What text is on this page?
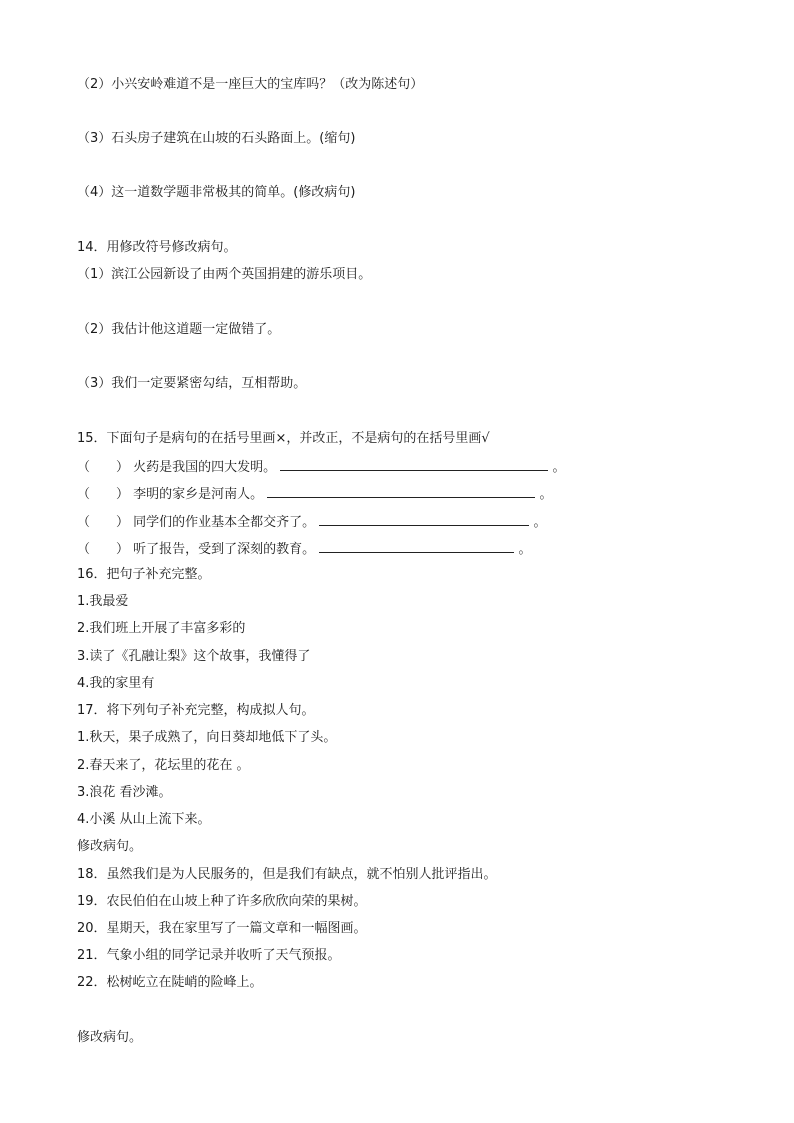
（2）小兴安岭难道不是一座巨大的宝库吗？（改为陈述句）
（3）石头房子建筑在山坡的石头路面上。(缩句)
（4）这一道数学题非常极其的简单。(修改病句)
14．用修改符号修改病句。
（1）滨江公园新设了由两个英国捐建的游乐项目。
（2）我估计他这道题一定做错了。
（3）我们一定要紧密勾结，互相帮助。
15．下面句子是病句的在括号里画×，并改正，不是病句的在括号里画√
（　　） 火药是我国的四大发明。	。
（　　） 李明的家乡是河南人。	。
（　　） 同学们的作业基本全都交齐了。	。
（　　） 听了报告，受到了深刻的教育。	。
16．把句子补充完整。
1.我最爱
2.我们班上开展了丰富多彩的
3.读了《孔融让梨》这个故事，我懂得了
4.我的家里有
17．将下列句子补充完整，构成拟人句。
1.秋天，果子成熟了，向日葵却地低下了头。
2.春天来了，花坛里的花在 。
3.浪花 看沙滩。
4.小溪 从山上流下来。
修改病句。
18．虽然我们是为人民服务的，但是我们有缺点，就不怕别人批评指出。
19．农民伯伯在山坡上种了许多欣欣向荣的果树。
20．星期天，我在家里写了一篇文章和一幅图画。
21．气象小组的同学记录并收听了天气预报。
22．松树屹立在陡峭的险峰上。
修改病句。
